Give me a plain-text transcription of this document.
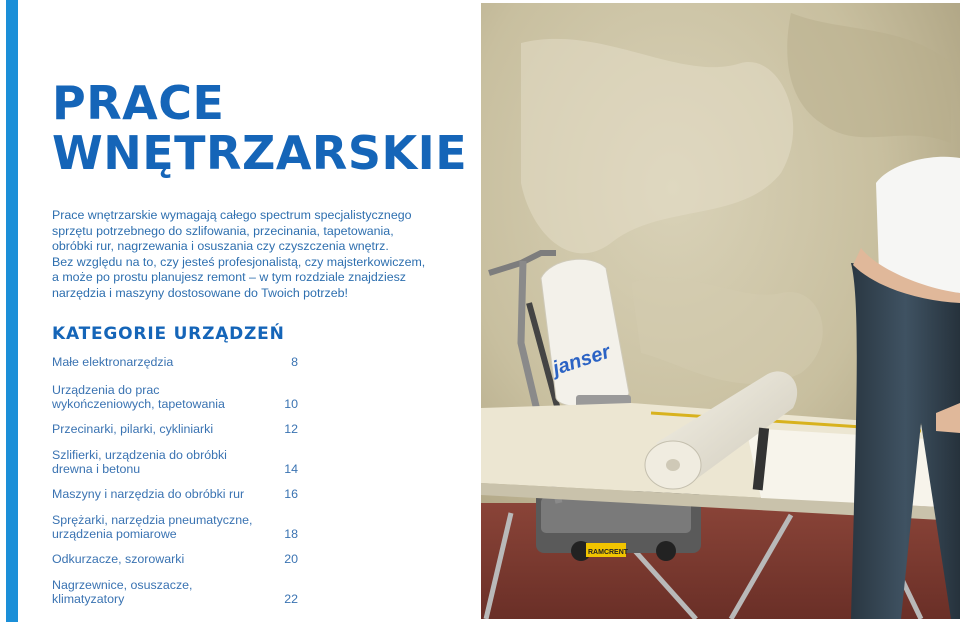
PRACE
WNĘTRZARSKIE

Prace wnętrzarskie wymagają całego spectrum specjalistycznego
sprzętu potrzebnego do szlifowania, przecinania, tapetowania,
obróbki rur, nagrzewania i osuszania czy czyszczenia wnętrz.
Bez względu na to, czy jesteś profesjonalistą, czy majsterkowiczem,
a może po prostu planujesz remont – w tym rozdziale znajdziesz
narzędzia i maszyny dostosowane do Twoich potrzeb!

KATEGORIE URZĄDZEŃ
Małe elektronarzędzia	8
Urządzenia do prac
wykończeniowych, tapetowania	10
Przecinarki, pilarki, cykliniarki	12
Szlifierki, urządzenia do obróbki
drewna i betonu	14
Maszyny i narzędzia do obróbki rur	16
Sprężarki, narzędzia pneumatyczne,
urządzenia pomiarowe	18
Odkurzacze, szorowarki	20
Nagrzewnice, osuszacze,
klimatyzatory	22
RAMCRENT
janser
